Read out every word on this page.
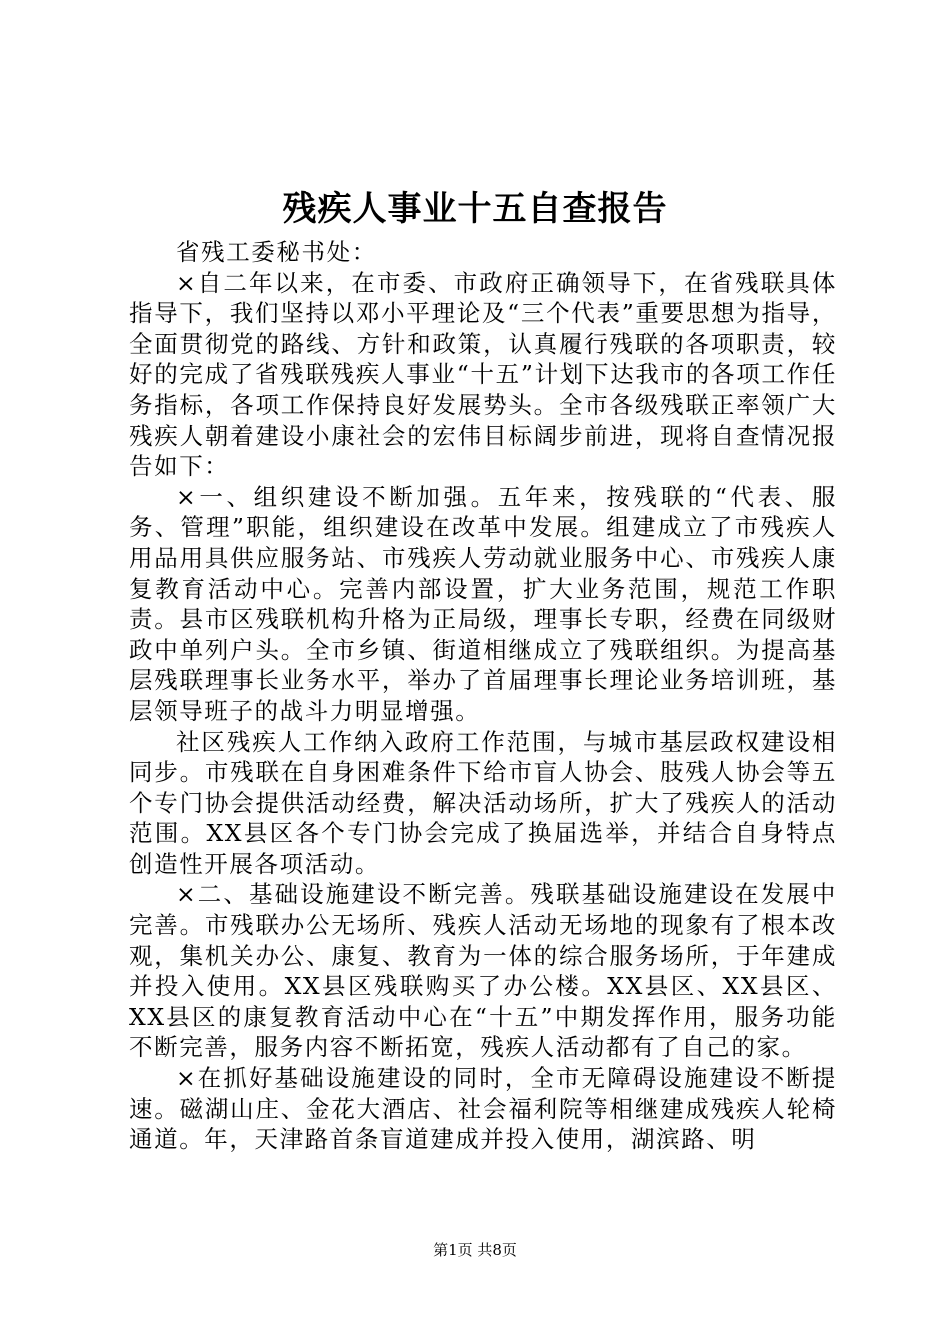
残疾人事业十五自查报告

省残工委秘书处：

×自二年以来，在市委、市政府正确领导下，在省残联具体指导下，我们坚持以邓小平理论及“三个代表”重要思想为指导，全面贯彻党的路线、方针和政策，认真履行残联的各项职责，较好的完成了省残联残疾人事业“十五”计划下达我市的各项工作任务指标，各项工作保持良好发展势头。全市各级残联正率领广大残疾人朝着建设小康社会的宏伟目标阔步前进，现将自查情况报告如下：

×一、组织建设不断加强。五年来，按残联的“代表、服务、管理”职能，组织建设在改革中发展。组建成立了市残疾人用品用具供应服务站、市残疾人劳动就业服务中心、市残疾人康复教育活动中心。完善内部设置，扩大业务范围，规范工作职责。县市区残联机构升格为正局级，理事长专职，经费在同级财政中单列户头。全市乡镇、街道相继成立了残联组织。为提高基层残联理事长业务水平，举办了首届理事长理论业务培训班，基层领导班子的战斗力明显增强。

社区残疾人工作纳入政府工作范围，与城市基层政权建设相同步。市残联在自身困难条件下给市盲人协会、肢残人协会等五个专门协会提供活动经费，解决活动场所，扩大了残疾人的活动范围。XX县区各个专门协会完成了换届选举，并结合自身特点创造性开展各项活动。

×二、基础设施建设不断完善。残联基础设施建设在发展中完善。市残联办公无场所、残疾人活动无场地的现象有了根本改观，集机关办公、康复、教育为一体的综合服务场所，于年建成并投入使用。XX县区残联购买了办公楼。XX县区、XX县区、XX县区的康复教育活动中心在“十五”中期发挥作用，服务功能不断完善，服务内容不断拓宽，残疾人活动都有了自己的家。

×在抓好基础设施建设的同时，全市无障碍设施建设不断提速。磁湖山庄、金花大酒店、社会福利院等相继建成残疾人轮椅通道。年，天津路首条盲道建成并投入使用，湖滨路、明

第1页 共8页
